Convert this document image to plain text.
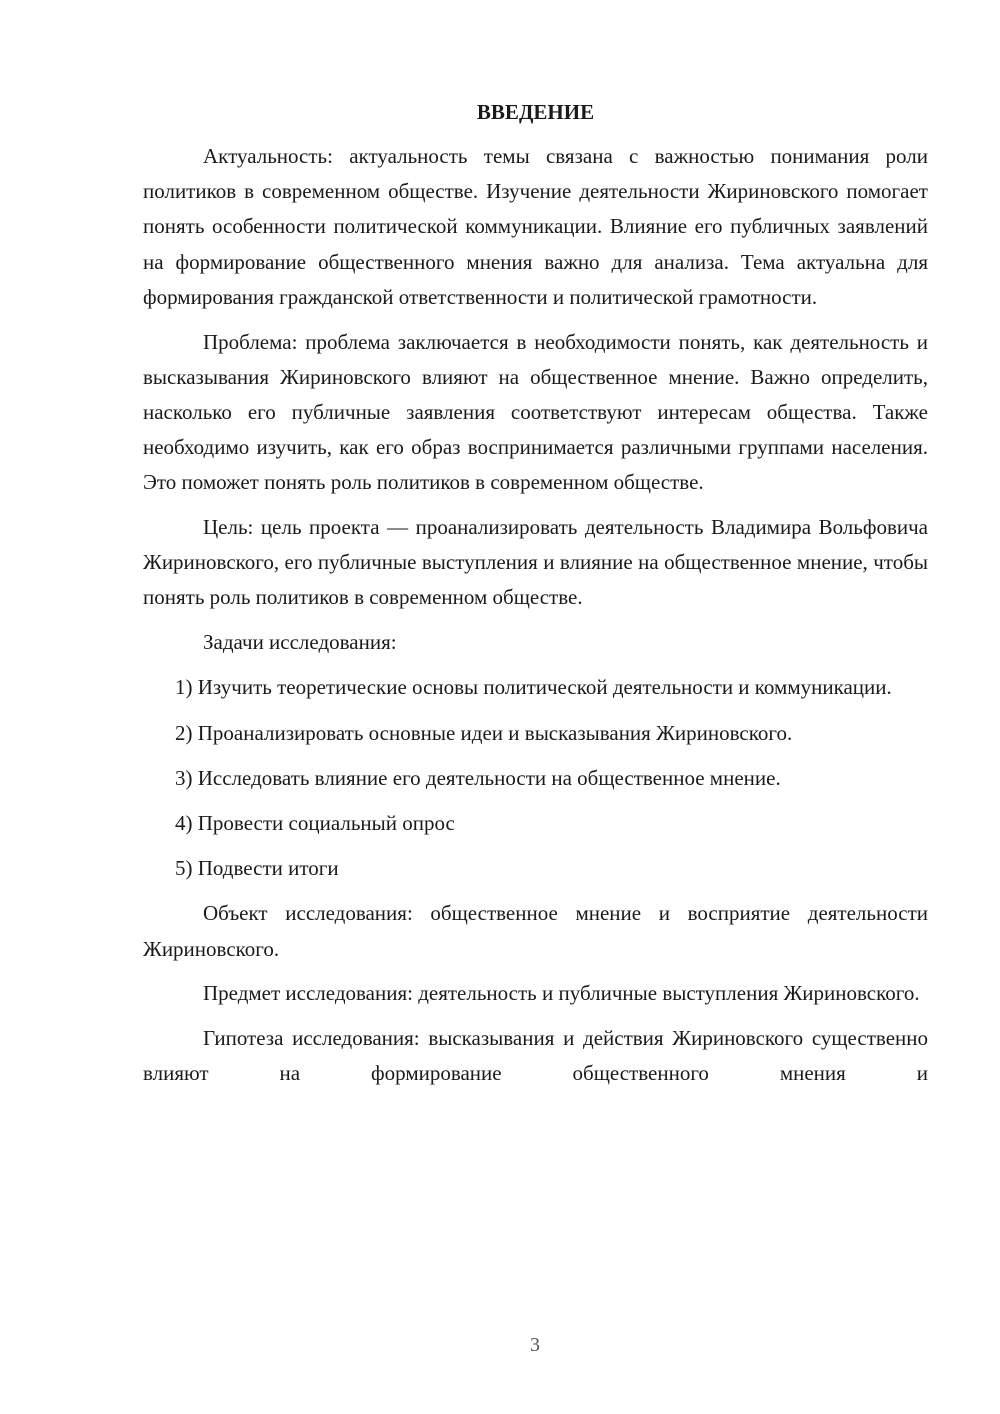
ВВЕДЕНИЕ

Актуальность: актуальность темы связана с важностью понимания роли политиков в современном обществе. Изучение деятельности Жириновского помогает понять особенности политической коммуникации. Влияние его публичных заявлений на формирование общественного мнения важно для анализа. Тема актуальна для формирования гражданской ответственности и политической грамотности.

Проблема: проблема заключается в необходимости понять, как деятельность и высказывания Жириновского влияют на общественное мнение. Важно определить, насколько его публичные заявления соответствуют интересам общества. Также необходимо изучить, как его образ воспринимается различными группами населения. Это поможет понять роль политиков в современном обществе.

Цель: цель проекта — проанализировать деятельность Владимира Вольфовича Жириновского, его публичные выступления и влияние на общественное мнение, чтобы понять роль политиков в современном обществе.

Задачи исследования:

1) Изучить теоретические основы политической деятельности и коммуникации.

2) Проанализировать основные идеи и высказывания Жириновского.

3) Исследовать влияние его деятельности на общественное мнение.

4) Провести социальный опрос

5) Подвести итоги

Объект исследования: общественное мнение и восприятие деятельности Жириновского.

Предмет исследования: деятельность и публичные выступления Жириновского.

Гипотеза исследования: высказывания и действия Жириновского существенно влияют на формирование общественного мнения и

3
